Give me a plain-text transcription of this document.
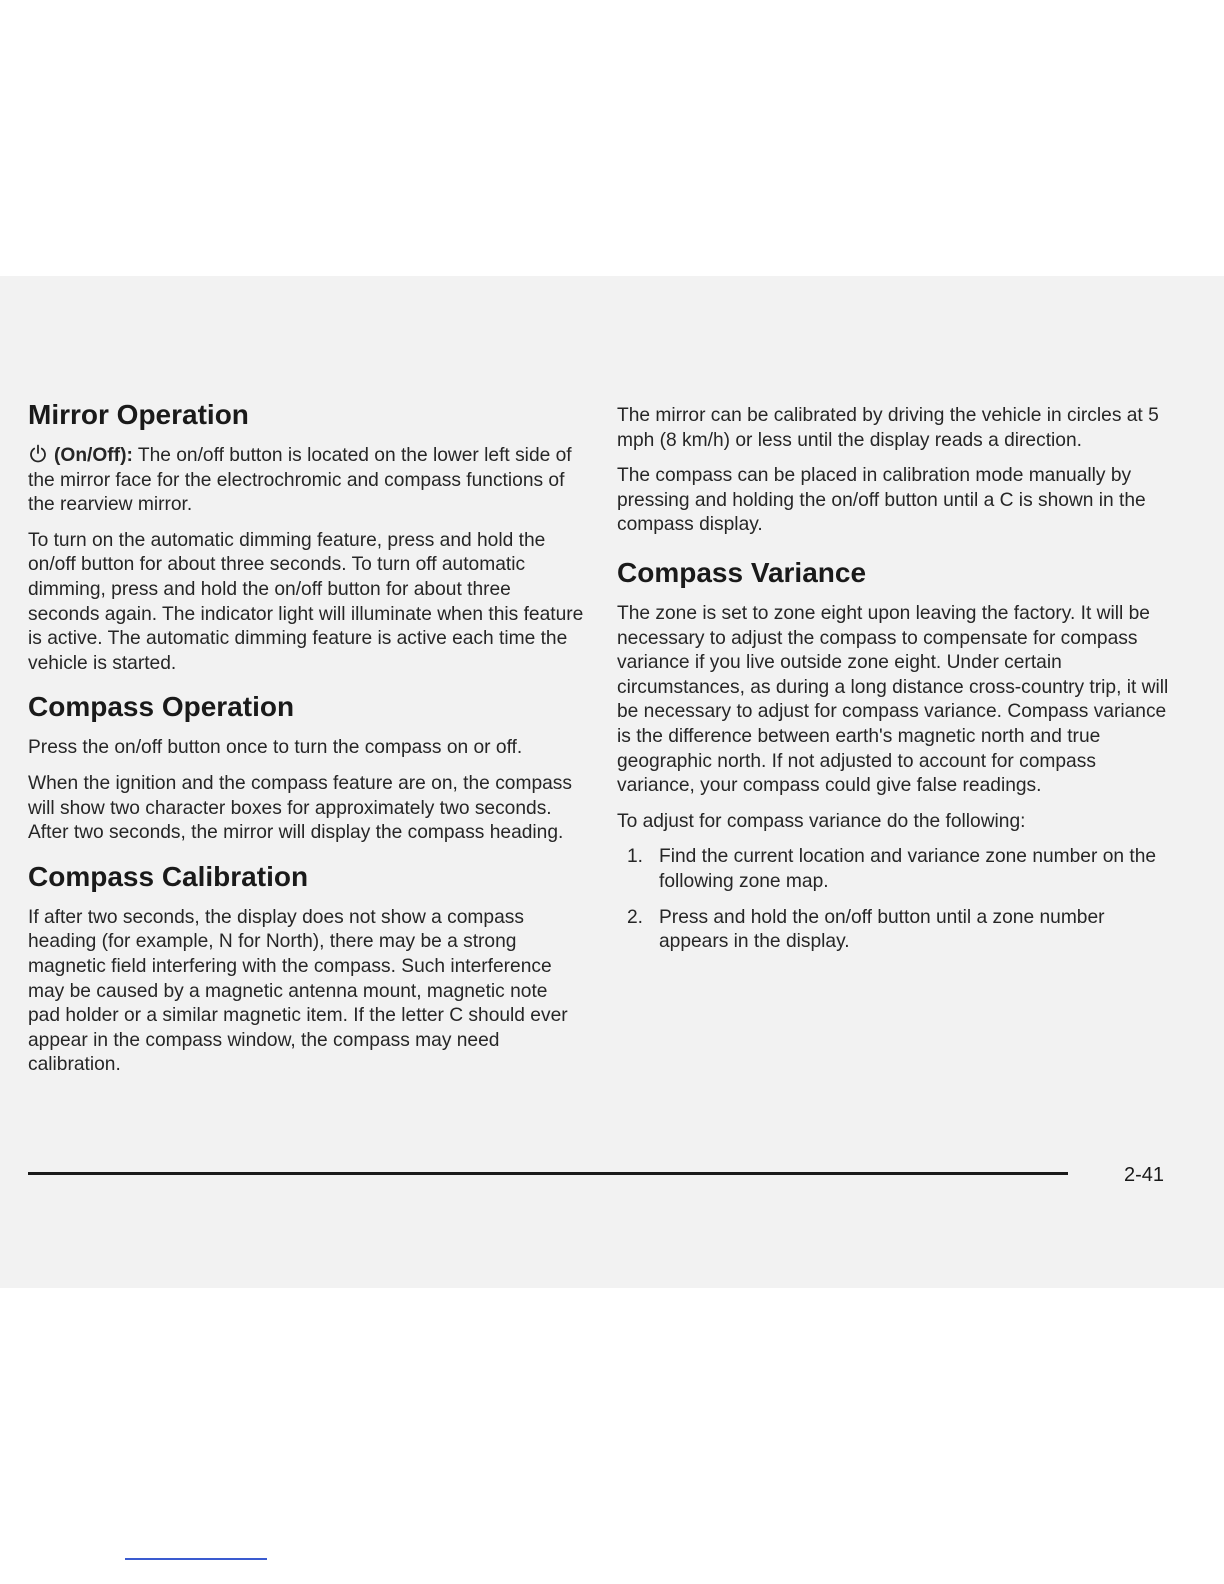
Mirror Operation

(On/Off): The on/off button is located on the lower left side of the mirror face for the electrochromic and compass functions of the rearview mirror.

To turn on the automatic dimming feature, press and hold the on/off button for about three seconds. To turn off automatic dimming, press and hold the on/off button for about three seconds again. The indicator light will illuminate when this feature is active. The automatic dimming feature is active each time the vehicle is started.

Compass Operation

Press the on/off button once to turn the compass on or off.

When the ignition and the compass feature are on, the compass will show two character boxes for approximately two seconds. After two seconds, the mirror will display the compass heading.

Compass Calibration

If after two seconds, the display does not show a compass heading (for example, N for North), there may be a strong magnetic field interfering with the compass. Such interference may be caused by a magnetic antenna mount, magnetic note pad holder or a similar magnetic item. If the letter C should ever appear in the compass window, the compass may need calibration.

The mirror can be calibrated by driving the vehicle in circles at 5 mph (8 km/h) or less until the display reads a direction.

The compass can be placed in calibration mode manually by pressing and holding the on/off button until a C is shown in the compass display.

Compass Variance

The zone is set to zone eight upon leaving the factory. It will be necessary to adjust the compass to compensate for compass variance if you live outside zone eight. Under certain circumstances, as during a long distance cross-country trip, it will be necessary to adjust for compass variance. Compass variance is the difference between earth's magnetic north and true geographic north. If not adjusted to account for compass variance, your compass could give false readings.

To adjust for compass variance do the following:

1. Find the current location and variance zone number on the following zone map.
2. Press and hold the on/off button until a zone number appears in the display.
2-41
